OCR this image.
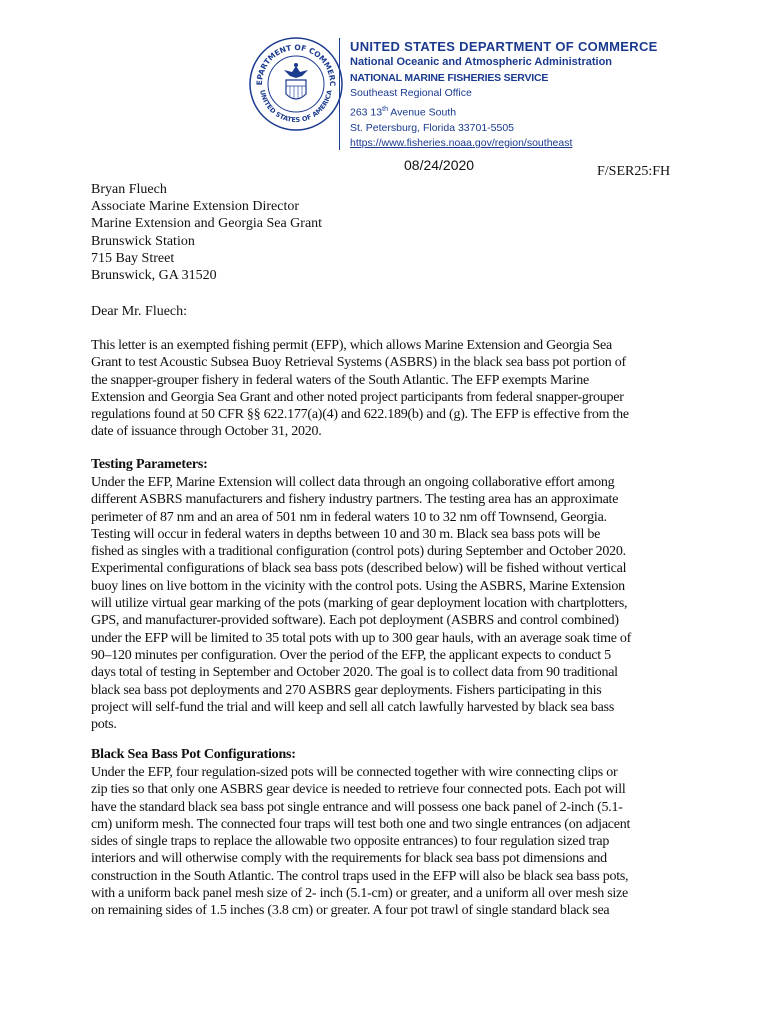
EPARTMENT OF COMMERC
UNITED STATES OF AMERICA
UNITED STATES DEPARTMENT OF COMMERCE
National Oceanic and Atmospheric Administration
NATIONAL MARINE FISHERIES SERVICE
Southeast Regional Office
263 13th Avenue South
St. Petersburg, Florida 33701-5505
https://www.fisheries.noaa.gov/region/southeast
08/24/2020	F/SER25:FH
Bryan Fluech
Associate Marine Extension Director
Marine Extension and Georgia Sea Grant
Brunswick Station
715 Bay Street
Brunswick, GA 31520
Dear Mr. Fluech:
This letter is an exempted fishing permit (EFP), which allows Marine Extension and Georgia Sea
Grant to test Acoustic Subsea Buoy Retrieval Systems (ASBRS) in the black sea bass pot portion of
the snapper-grouper fishery in federal waters of the South Atlantic. The EFP exempts Marine
Extension and Georgia Sea Grant and other noted project participants from federal snapper-grouper
regulations found at 50 CFR §§ 622.177(a)(4) and 622.189(b) and (g). The EFP is effective from the
date of issuance through October 31, 2020.
Testing Parameters:
Under the EFP, Marine Extension will collect data through an ongoing collaborative effort among
different ASBRS manufacturers and fishery industry partners. The testing area has an approximate
perimeter of 87 nm and an area of 501 nm in federal waters 10 to 32 nm off Townsend, Georgia.
Testing will occur in federal waters in depths between 10 and 30 m. Black sea bass pots will be
fished as singles with a traditional configuration (control pots) during September and October 2020.
Experimental configurations of black sea bass pots (described below) will be fished without vertical
buoy lines on live bottom in the vicinity with the control pots. Using the ASBRS, Marine Extension
will utilize virtual gear marking of the pots (marking of gear deployment location with chartplotters,
GPS, and manufacturer-provided software). Each pot deployment (ASBRS and control combined)
under the EFP will be limited to 35 total pots with up to 300 gear hauls, with an average soak time of
90–120 minutes per configuration. Over the period of the EFP, the applicant expects to conduct 5
days total of testing in September and October 2020. The goal is to collect data from 90 traditional
black sea bass pot deployments and 270 ASBRS gear deployments. Fishers participating in this
project will self-fund the trial and will keep and sell all catch lawfully harvested by black sea bass
pots.
Black Sea Bass Pot Configurations:
Under the EFP, four regulation-sized pots will be connected together with wire connecting clips or
zip ties so that only one ASBRS gear device is needed to retrieve four connected pots. Each pot will
have the standard black sea bass pot single entrance and will possess one back panel of 2-inch (5.1-
cm) uniform mesh. The connected four traps will test both one and two single entrances (on adjacent
sides of single traps to replace the allowable two opposite entrances) to four regulation sized trap
interiors and will otherwise comply with the requirements for black sea bass pot dimensions and
construction in the South Atlantic. The control traps used in the EFP will also be black sea bass pots,
with a uniform back panel mesh size of 2- inch (5.1-cm) or greater, and a uniform all over mesh size
on remaining sides of 1.5 inches (3.8 cm) or greater. A four pot trawl of single standard black sea
